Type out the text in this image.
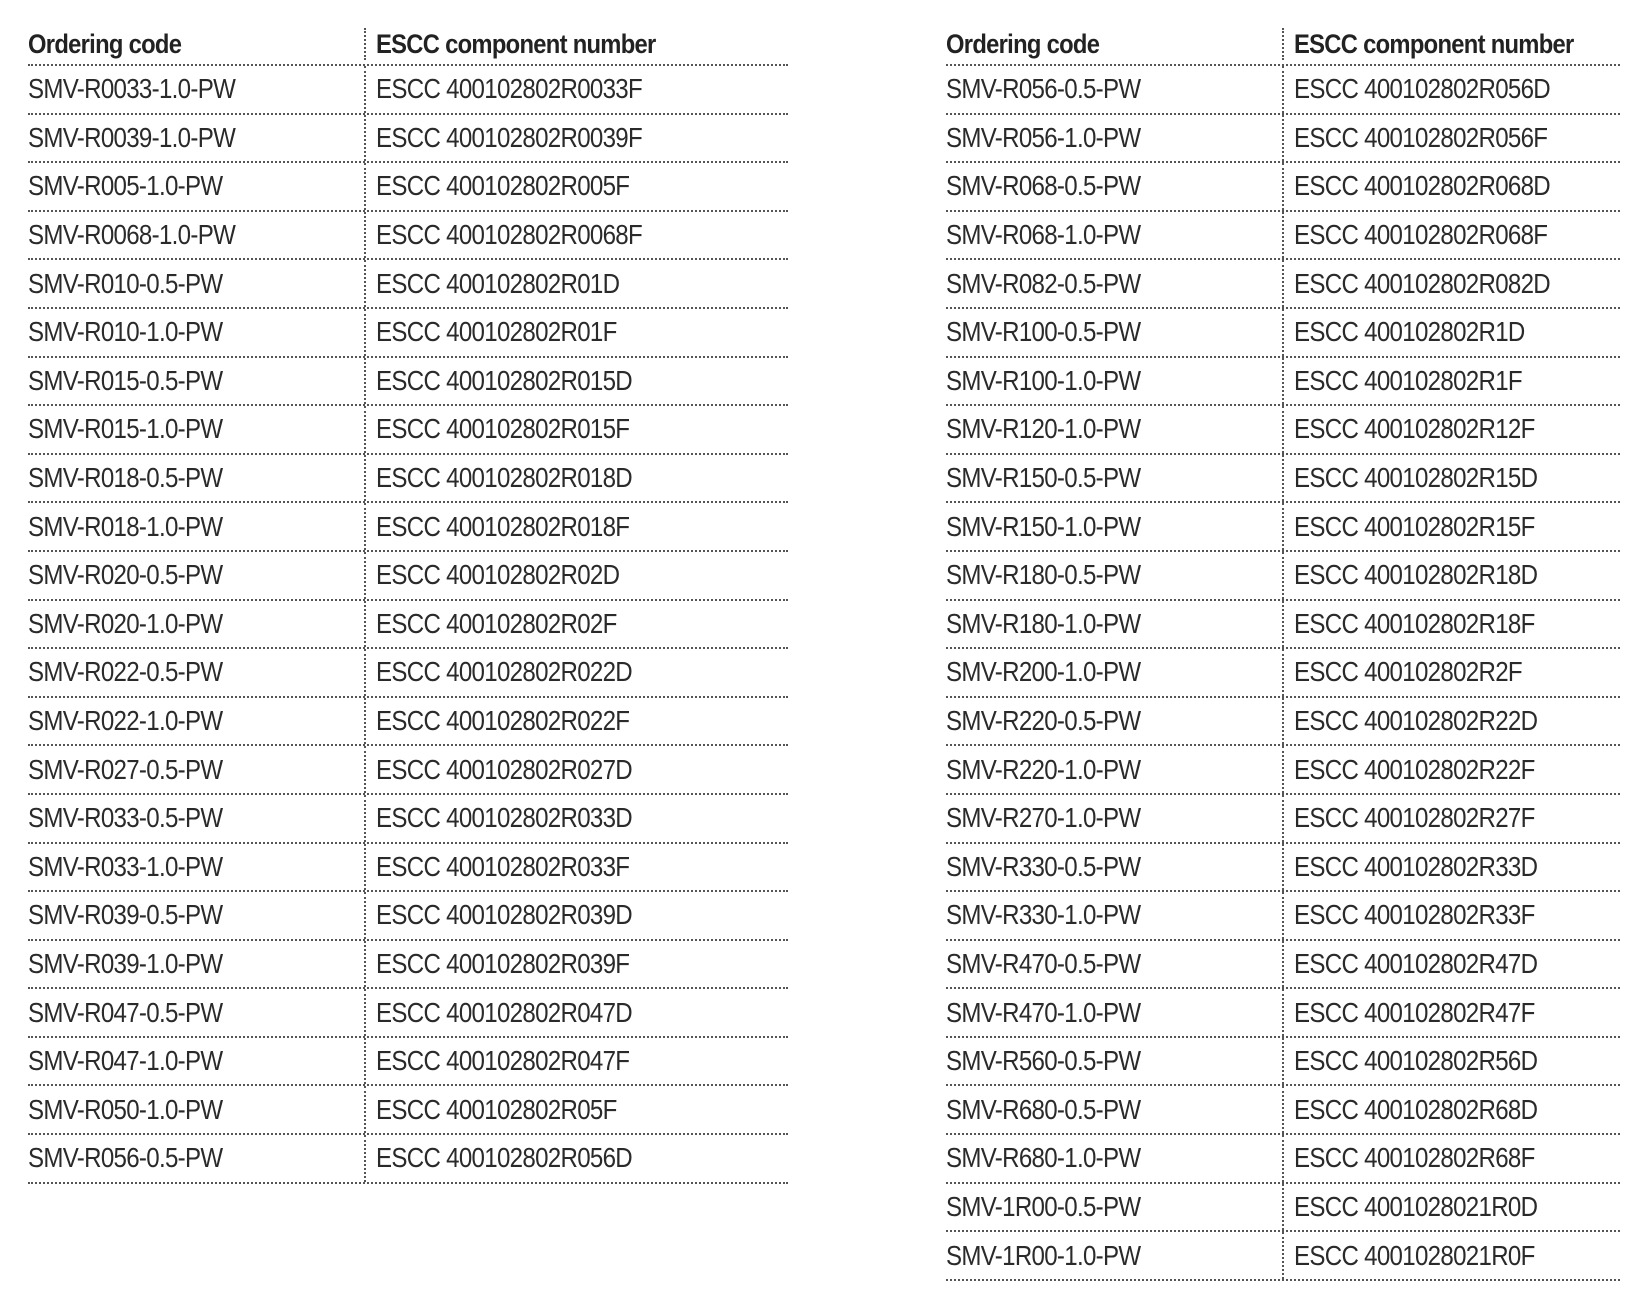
Ordering code	ESCC component number
SMV-R0033-1.0-PW	ESCC 400102802R0033F
SMV-R0039-1.0-PW	ESCC 400102802R0039F
SMV-R005-1.0-PW	ESCC 400102802R005F
SMV-R0068-1.0-PW	ESCC 400102802R0068F
SMV-R010-0.5-PW	ESCC 400102802R01D
SMV-R010-1.0-PW	ESCC 400102802R01F
SMV-R015-0.5-PW	ESCC 400102802R015D
SMV-R015-1.0-PW	ESCC 400102802R015F
SMV-R018-0.5-PW	ESCC 400102802R018D
SMV-R018-1.0-PW	ESCC 400102802R018F
SMV-R020-0.5-PW	ESCC 400102802R02D
SMV-R020-1.0-PW	ESCC 400102802R02F
SMV-R022-0.5-PW	ESCC 400102802R022D
SMV-R022-1.0-PW	ESCC 400102802R022F
SMV-R027-0.5-PW	ESCC 400102802R027D
SMV-R033-0.5-PW	ESCC 400102802R033D
SMV-R033-1.0-PW	ESCC 400102802R033F
SMV-R039-0.5-PW	ESCC 400102802R039D
SMV-R039-1.0-PW	ESCC 400102802R039F
SMV-R047-0.5-PW	ESCC 400102802R047D
SMV-R047-1.0-PW	ESCC 400102802R047F
SMV-R050-1.0-PW	ESCC 400102802R05F
SMV-R056-0.5-PW	ESCC 400102802R056D
Ordering code	ESCC component number
SMV-R056-0.5-PW	ESCC 400102802R056D
SMV-R056-1.0-PW	ESCC 400102802R056F
SMV-R068-0.5-PW	ESCC 400102802R068D
SMV-R068-1.0-PW	ESCC 400102802R068F
SMV-R082-0.5-PW	ESCC 400102802R082D
SMV-R100-0.5-PW	ESCC 400102802R1D
SMV-R100-1.0-PW	ESCC 400102802R1F
SMV-R120-1.0-PW	ESCC 400102802R12F
SMV-R150-0.5-PW	ESCC 400102802R15D
SMV-R150-1.0-PW	ESCC 400102802R15F
SMV-R180-0.5-PW	ESCC 400102802R18D
SMV-R180-1.0-PW	ESCC 400102802R18F
SMV-R200-1.0-PW	ESCC 400102802R2F
SMV-R220-0.5-PW	ESCC 400102802R22D
SMV-R220-1.0-PW	ESCC 400102802R22F
SMV-R270-1.0-PW	ESCC 400102802R27F
SMV-R330-0.5-PW	ESCC 400102802R33D
SMV-R330-1.0-PW	ESCC 400102802R33F
SMV-R470-0.5-PW	ESCC 400102802R47D
SMV-R470-1.0-PW	ESCC 400102802R47F
SMV-R560-0.5-PW	ESCC 400102802R56D
SMV-R680-0.5-PW	ESCC 400102802R68D
SMV-R680-1.0-PW	ESCC 400102802R68F
SMV-1R00-0.5-PW	ESCC 4001028021R0D
SMV-1R00-1.0-PW	ESCC 4001028021R0F
